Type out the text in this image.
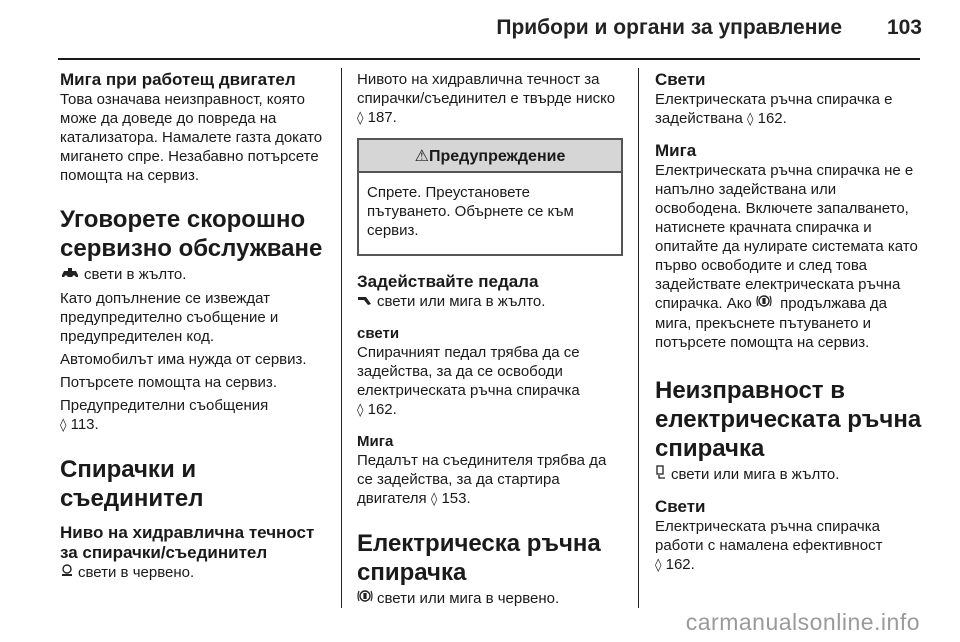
Прибори и органи за управление 103
Мига при работещ двигател

Това означава неизправност, която може да доведе до повреда на катализатора. Намалете газта докато мигането спре. Незабавно потърсете помощта на сервиз.

Уговорете скорошно сервизно обслужване

свети в жълто.

Като допълнение се извеждат предупредително съобщение и предупредителен код.

Автомобилът има нужда от сервиз.

Потърсете помощта на сервиз.

Предупредителни съобщения
◊ 113.

Спирачки и съединител
Ниво на хидравлична течност за спирачки/съединител

свети в червено.

Нивото на хидравлична течност за спирачки/съединител е твърде ниско ◊ 187.

⚠Предупреждение

Спрете. Преустановете пътуването. Обърнете се към сервиз.

Задействайте педала

свети или мига в жълто.

свети

Спирачният педал трябва да се задейства, за да се освободи електрическата ръчна спирачка
◊ 162.

Мига

Педалът на съединителя трябва да се задейства, за да стартира двигателя ◊ 153.

Електрическа ръчна спирачка

свети или мига в червено.

Свети

Електрическата ръчна спирачка е задействана ◊ 162.

Мига

Електрическата ръчна спирачка не е напълно задействана или освободена. Включете запалването, натиснете крачната спирачка и опитайте да нулирате системата като първо освободите и след това задействате електрическата ръчна спирачка. Ако продължава да мига, прекъснете пътуването и потърсете помощта на сервиз.

Неизправност в електрическата ръчна спирачка

свети или мига в жълто.

Свети

Електрическата ръчна спирачка работи с намалена ефективност
◊ 162.

carmanualsonline.info
